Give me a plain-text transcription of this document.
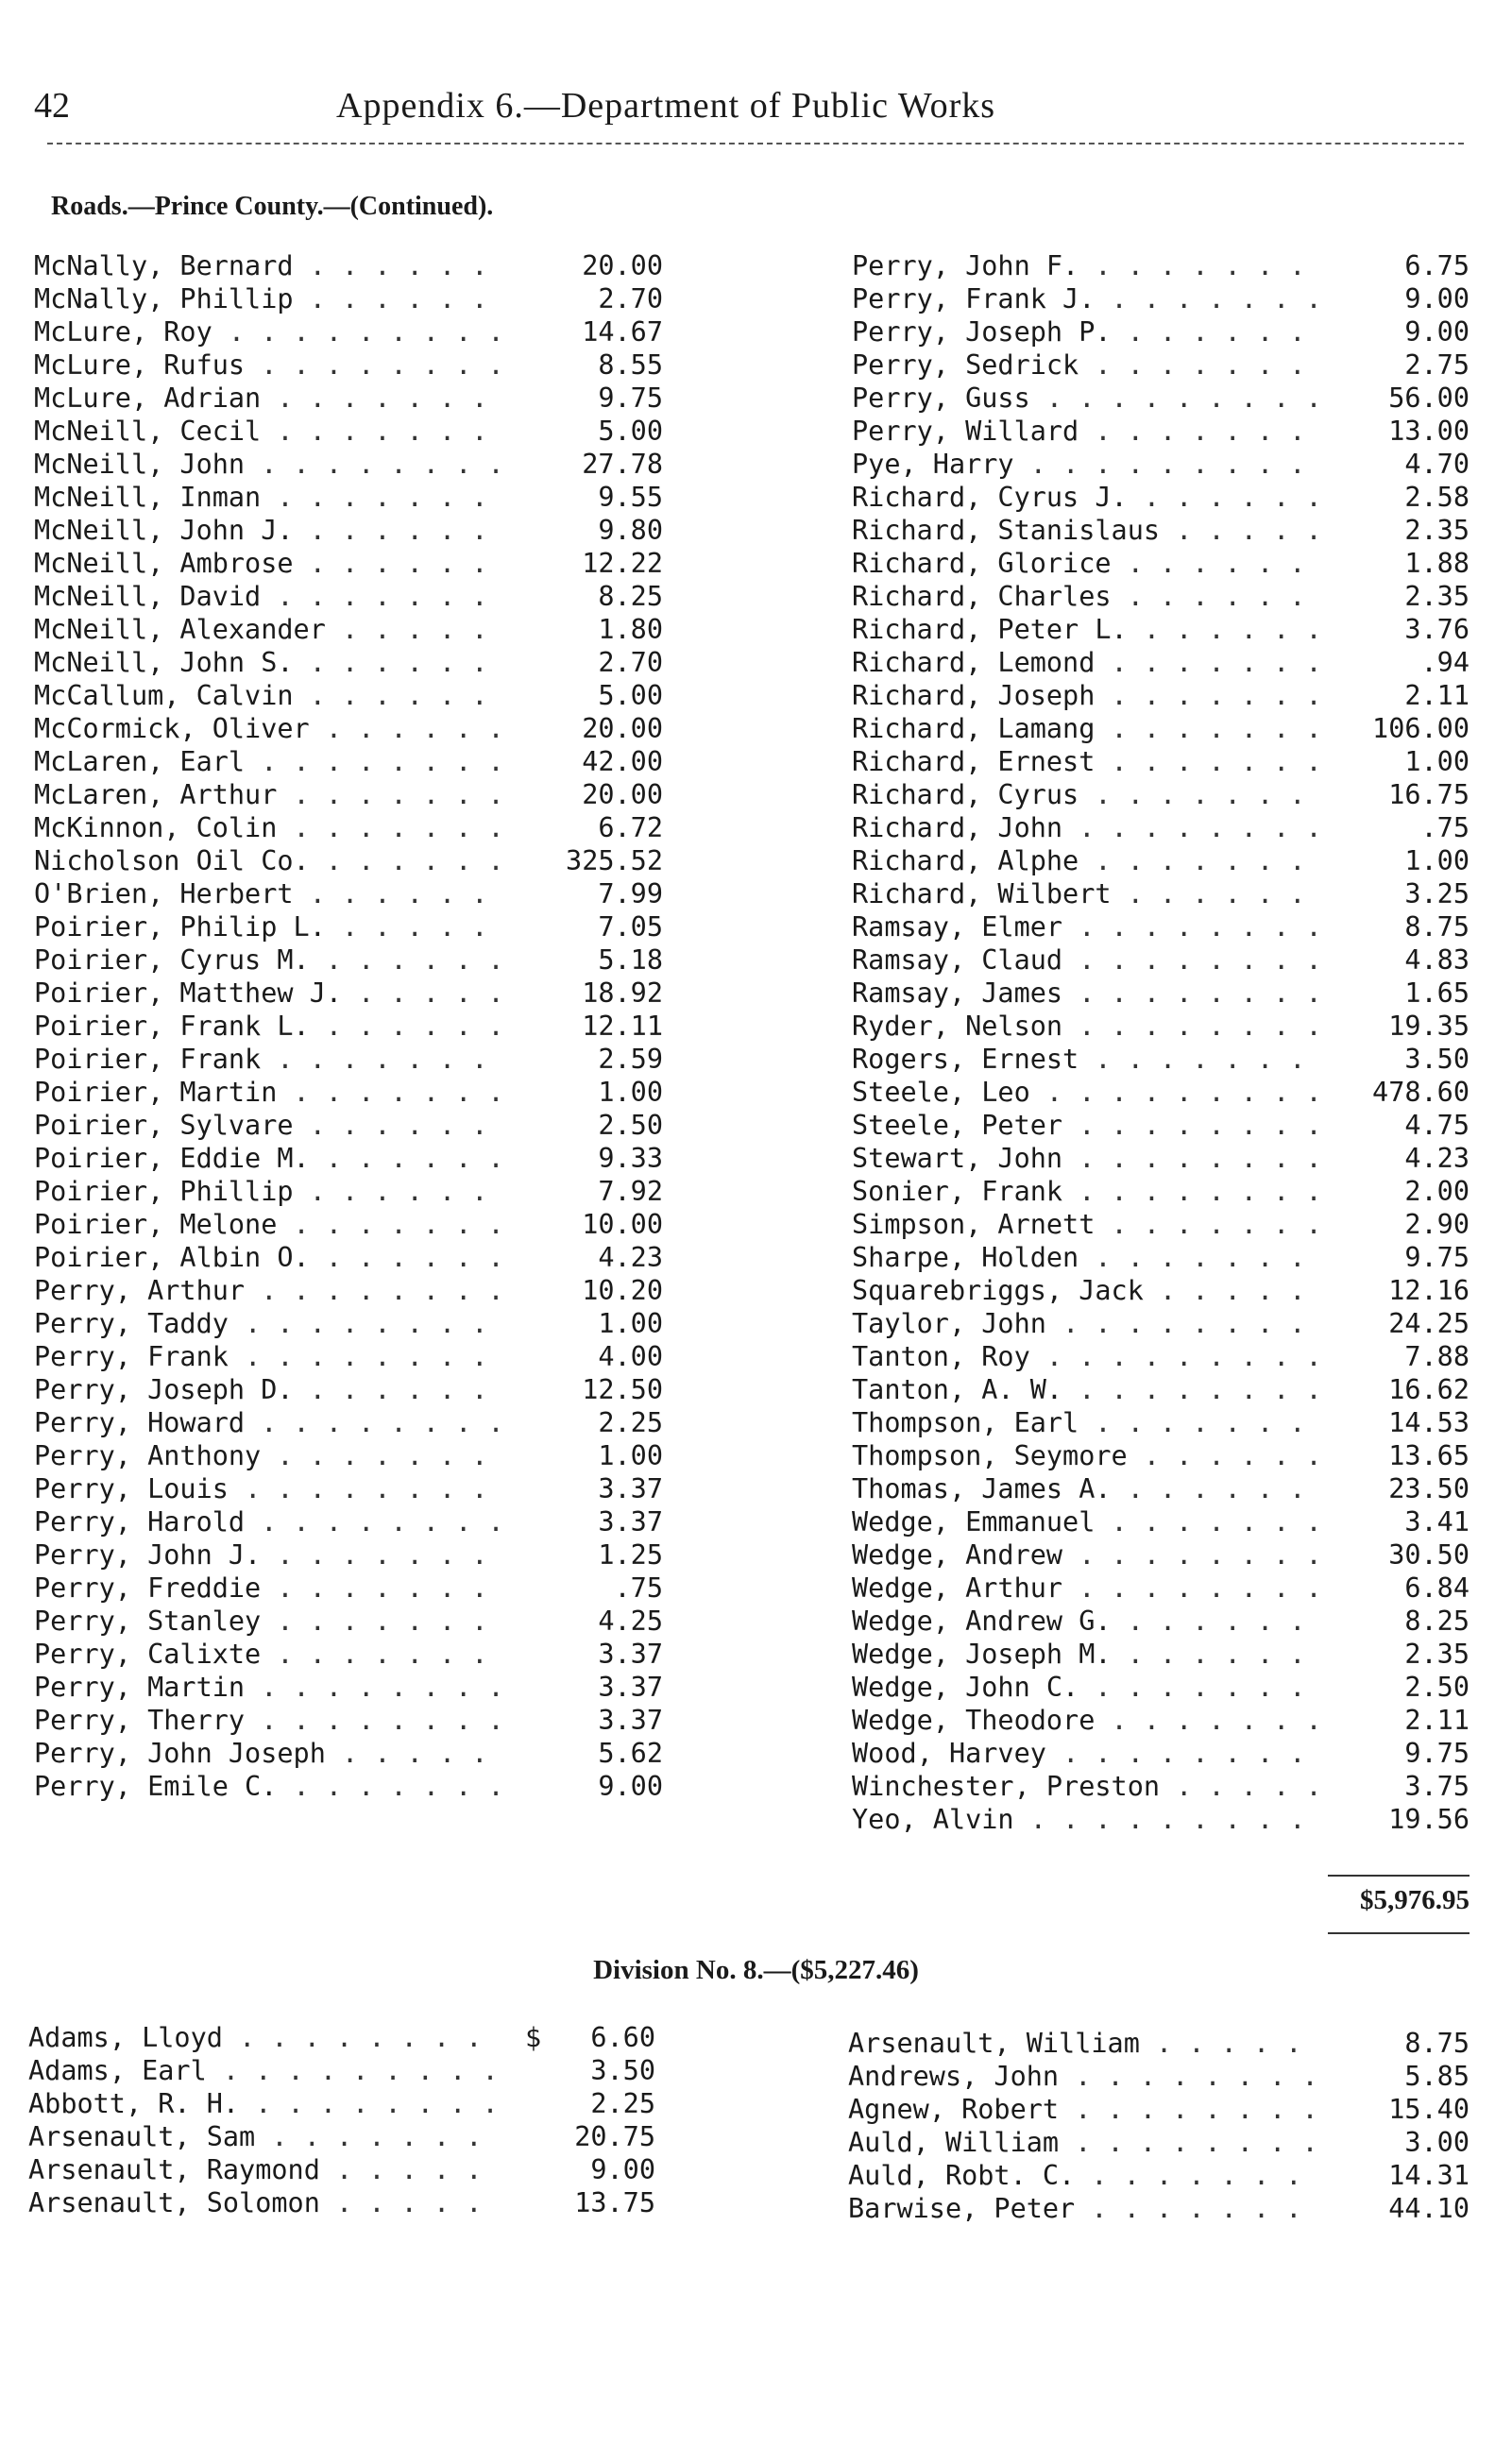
42	Appendix 6.—Department of Public Works
Roads.—Prince County.—(Continued).
McNally, Bernard . . .	20.00
McNally, Phillip . . .	2.70
McLure, Roy . . .	14.67
McLure, Rufus . . .	8.55
McLure, Adrian . . .	9.75
McNeill, Cecil . . .	5.00
McNeill, John . . .	27.78
McNeill, Inman . . .	9.55
McNeill, John J. . . .	9.80
McNeill, Ambrose . . .	12.22
McNeill, David . . .	8.25
McNeill, Alexander . . .	1.80
McNeill, John S. . . .	2.70
McCallum, Calvin . . .	5.00
McCormick, Oliver . . .	20.00
McLaren, Earl . . .	42.00
McLaren, Arthur . . .	20.00
McKinnon, Colin . . .	6.72
Nicholson Oil Co. . . .	325.52
O'Brien, Herbert . . .	7.99
Poirier, Philip L. . . .	7.05
Poirier, Cyrus M. . . .	5.18
Poirier, Matthew J. . . .	18.92
Poirier, Frank L. . . .	12.11
Poirier, Frank . . .	2.59
Poirier, Martin . . .	1.00
Poirier, Sylvare . . .	2.50
Poirier, Eddie M. . . .	9.33
Poirier, Phillip . . .	7.92
Poirier, Melone . . .	10.00
Poirier, Albin O. . . .	4.23
Perry, Arthur . . .	10.20
Perry, Taddy . . .	1.00
Perry, Frank . . .	4.00
Perry, Joseph D. . . .	12.50
Perry, Howard . . .	2.25
Perry, Anthony . . .	1.00
Perry, Louis . . .	3.37
Perry, Harold . . .	3.37
Perry, John J. . . .	1.25
Perry, Freddie . . .	.75
Perry, Stanley . . .	4.25
Perry, Calixte . . .	3.37
Perry, Martin . . .	3.37
Perry, Therry . . .	3.37
Perry, John Joseph . . .	5.62
Perry, Emile C. . . .	9.00
Perry, John F. . . .	6.75
Perry, Frank J. . . .	9.00
Perry, Joseph P. . . .	9.00
Perry, Sedrick . . .	2.75
Perry, Guss . . .	56.00
Perry, Willard . . .	13.00
Pye, Harry . . .	4.70
Richard, Cyrus J. . . .	2.58
Richard, Stanislaus . . .	2.35
Richard, Glorice . . .	1.88
Richard, Charles . . .	2.35
Richard, Peter L. . . .	3.76
Richard, Lemond . . .	.94
Richard, Joseph . . .	2.11
Richard, Lamang . . .	106.00
Richard, Ernest . . .	1.00
Richard, Cyrus . . .	16.75
Richard, John . . .	.75
Richard, Alphe . . .	1.00
Richard, Wilbert . . .	3.25
Ramsay, Elmer . . .	8.75
Ramsay, Claud . . .	4.83
Ramsay, James . . .	1.65
Ryder, Nelson . . .	19.35
Rogers, Ernest . . .	3.50
Steele, Leo . . .	478.60
Steele, Peter . . .	4.75
Stewart, John . . .	4.23
Sonier, Frank . . .	2.00
Simpson, Arnett . . .	2.90
Sharpe, Holden . . .	9.75
Squarebriggs, Jack . . .	12.16
Taylor, John . . .	24.25
Tanton, Roy . . .	7.88
Tanton, A. W. . . .	16.62
Thompson, Earl . . .	14.53
Thompson, Seymore . . .	13.65
Thomas, James A. . . .	23.50
Wedge, Emmanuel . . .	3.41
Wedge, Andrew . . .	30.50
Wedge, Arthur . . .	6.84
Wedge, Andrew G. . . .	8.25
Wedge, Joseph M. . . .	2.35
Wedge, John C. . . .	2.50
Wedge, Theodore . . .	2.11
Wood, Harvey . . .	9.75
Winchester, Preston . . .	3.75
Yeo, Alvin . . .	19.56
$5,976.95
Division No. 8.—($5,227.46)
$
Adams, Lloyd . . .	6.60
Adams, Earl . . .	3.50
Abbott, R. H. . . .	2.25
Arsenault, Sam . . .	20.75
Arsenault, Raymond . . .	9.00
Arsenault, Solomon . . .	13.75
Arsenault, William . . .	8.75
Andrews, John . . .	5.85
Agnew, Robert . . .	15.40
Auld, William . . .	3.00
Auld, Robt. C. . . .	14.31
Barwise, Peter . . .	44.10
